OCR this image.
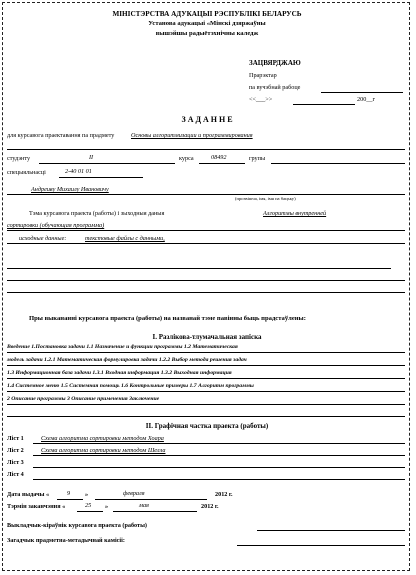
МІНІСТЭРСТВА АДУКАЦЫІ РЭСПУБЛІКІ БЕЛАРУСЬ
Установа адукацыі «Мінскі дзяржаўны
вышэйшы радыётэхнічны каледж
ЗАЦВЯРДЖАЮ
Прарэктар
па вучэбнай рабоце
<<___>>	200__г
З А Д А Н Н Е
для курсавога праектавання па прадмету	Основы алгоритмизации и программирования
студэнту	II	курса	08492	групы
спецыяльнасці	2-40 01 01
Андреиву Михаилу Ивановичу
(прозвішча, імя, імя па бацьку)
Тэма курсавога праекта (работы) і зыходныя даныя	Алгоритмы внутренней
сортировки (обучающая программа)
исходные данные:	текстовые файлы с данными,
Пры выкананні курсавога праекта (работы) на названай тэме павінны быць прадстаўлены:
I. Разлікова-тлумачальная запіска
Введение 1.Постановка задачи 1.1 Назначение и функции программы 1.2 Математическая
модель задачи 1.2.1 Математическая формулировка задачи 1.2.2 Выбор метода решения задач
1.3 Информационная база задачи 1.3.1 Входная информация 1.3.2 Выходная информация
1.4 Системное меню 1.5 Системная помощь 1.6 Контрольные примеры 1.7 Алгоритм программы
2 Описание программы 3 Описание применения Заключение
II. Графічная частка праекта (работы)
Ліст 1	Схема алгоритма сортировки методом Хоара
Ліст 2	Схема алгоритма сортировки методом Шелла
Ліст 3
Ліст 4
Дата выдачы «	9 »	февраля	2012 г.
Тэрмін заканчэння «	25 »	мая	2012 г.
Выкладчык-кіраўнік курсавога праекта (работы)
Загадчык прадметна-метадычнай камісіі:
